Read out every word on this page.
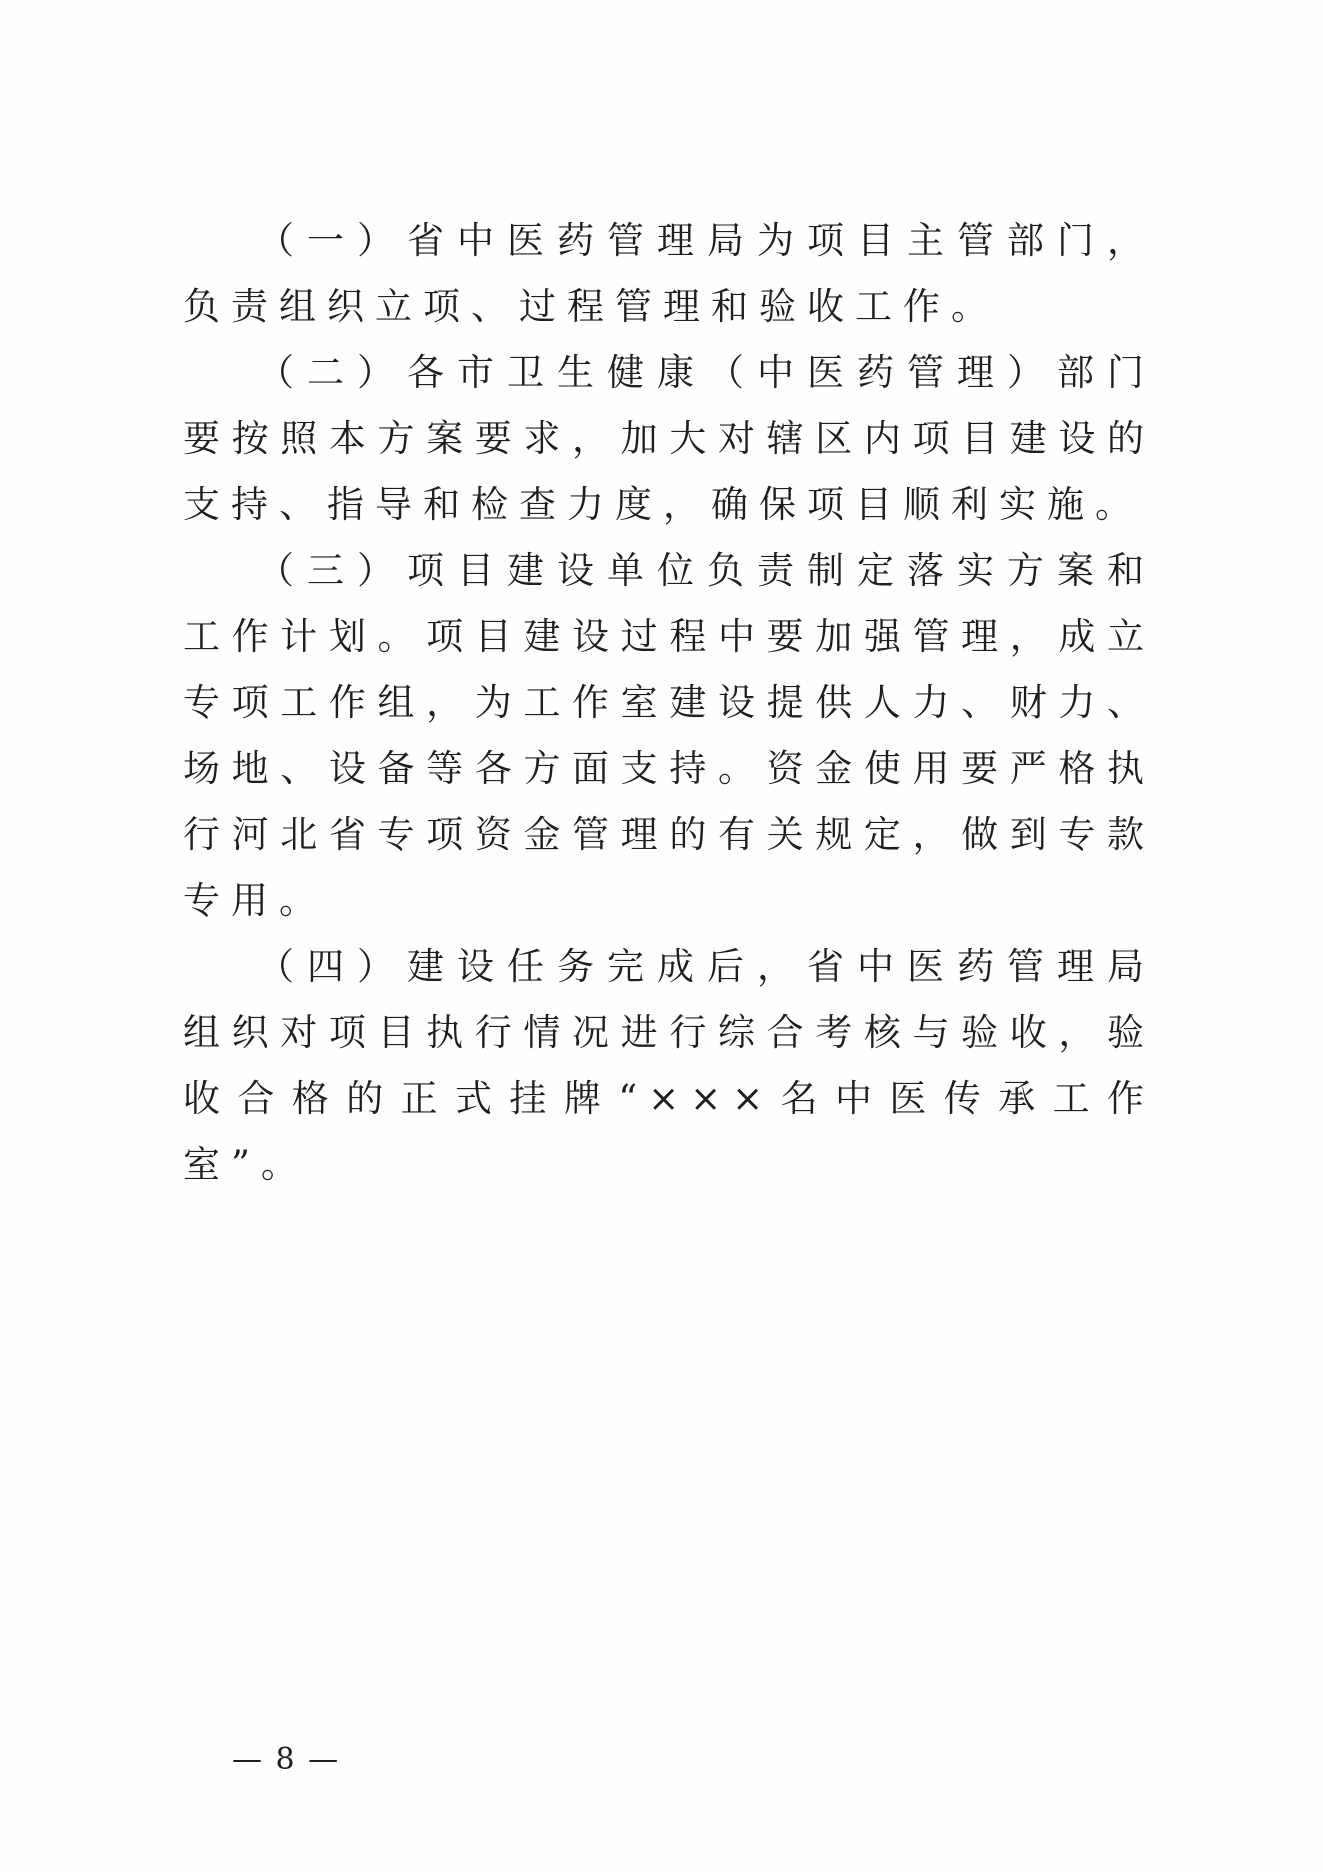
（一）省中医药管理局为项目主管部门，负责组织立项、过程管理和验收工作。

（二）各市卫生健康（中医药管理）部门要按照本方案要求，加大对辖区内项目建设的支持、指导和检查力度，确保项目顺利实施。

（三）项目建设单位负责制定落实方案和工作计划。项目建设过程中要加强管理，成立专项工作组，为工作室建设提供人力、财力、场地、设备等各方面支持。资金使用要严格执行河北省专项资金管理的有关规定，做到专款专用。

（四）建设任务完成后，省中医药管理局组织对项目执行情况进行综合考核与验收，验收合格的正式挂牌“×××名中医传承工作室”。

— 8 —
